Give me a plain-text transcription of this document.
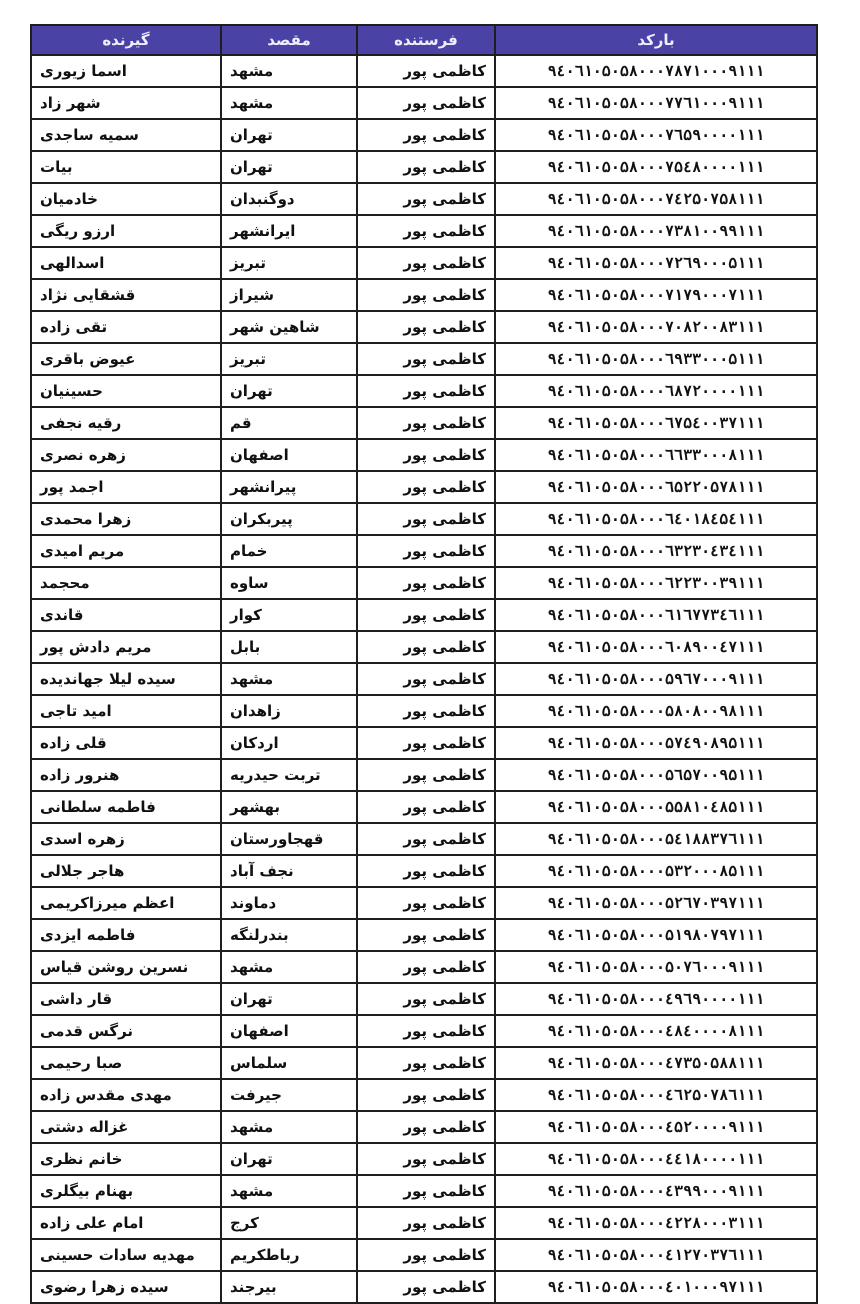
بارکد	فرستنده	مقصد	گیرنده
۹٤۰٦۱۰۵۰۵۸۰۰۰۷۸۷۱۰۰۰۹۱۱۱	کاظمی پور	مشهد	اسما زیوری
۹٤۰٦۱۰۵۰۵۸۰۰۰۷۷٦۱۰۰۰۹۱۱۱	کاظمی پور	مشهد	شهر زاد
۹٤۰٦۱۰۵۰۵۸۰۰۰۷٦۵۹۰۰۰۰۱۱۱	کاظمی پور	تهران	سمیه ساجدی
۹٤۰٦۱۰۵۰۵۸۰۰۰۷۵٤۸۰۰۰۰۱۱۱	کاظمی پور	تهران	بیات
۹٤۰٦۱۰۵۰۵۸۰۰۰۷٤۲۵۰۷۵۸۱۱۱	کاظمی پور	دوگنبدان	خادمیان
۹٤۰٦۱۰۵۰۵۸۰۰۰۷۳۸۱۰۰۹۹۱۱۱	کاظمی پور	ایرانشهر	ارزو ریگی
۹٤۰٦۱۰۵۰۵۸۰۰۰۷۲٦۹۰۰۰۵۱۱۱	کاظمی پور	تبریز	اسدالهی
۹٤۰٦۱۰۵۰۵۸۰۰۰۷۱۷۹۰۰۰۷۱۱۱	کاظمی پور	شیراز	قشقایی نژاد
۹٤۰٦۱۰۵۰۵۸۰۰۰۷۰۸۲۰۰۸۳۱۱۱	کاظمی پور	شاهین شهر	تقی زاده
۹٤۰٦۱۰۵۰۵۸۰۰۰٦۹۳۳۰۰۰۵۱۱۱	کاظمی پور	تبریز	عیوض باقری
۹٤۰٦۱۰۵۰۵۸۰۰۰٦۸۷۲۰۰۰۰۱۱۱	کاظمی پور	تهران	حسینیان
۹٤۰٦۱۰۵۰۵۸۰۰۰٦۷۵٤۰۰۳۷۱۱۱	کاظمی پور	قم	رقیه نجفی
۹٤۰٦۱۰۵۰۵۸۰۰۰٦٦۳۳۰۰۰۸۱۱۱	کاظمی پور	اصفهان	زهره نصری
۹٤۰٦۱۰۵۰۵۸۰۰۰٦۵۲۲۰۵۷۸۱۱۱	کاظمی پور	پیرانشهر	اجمد پور
۹٤۰٦۱۰۵۰۵۸۰۰۰٦٤۰۱۸٤۵٤۱۱۱	کاظمی پور	پیربکران	زهرا محمدی
۹٤۰٦۱۰۵۰۵۸۰۰۰٦۳۲۳۰٤۳٤۱۱۱	کاظمی پور	خمام	مریم امیدی
۹٤۰٦۱۰۵۰۵۸۰۰۰٦۲۲۳۰۰۳۹۱۱۱	کاظمی پور	ساوه	محجمد
۹٤۰٦۱۰۵۰۵۸۰۰۰٦۱٦۷۷۳٤٦۱۱۱	کاظمی پور	کوار	قاندی
۹٤۰٦۱۰۵۰۵۸۰۰۰٦۰۸۹۰۰٤۷۱۱۱	کاظمی پور	بابل	مریم دادش پور
۹٤۰٦۱۰۵۰۵۸۰۰۰۵۹٦۷۰۰۰۹۱۱۱	کاظمی پور	مشهد	سیده لیلا جهاندیده
۹٤۰٦۱۰۵۰۵۸۰۰۰۵۸۰۸۰۰۹۸۱۱۱	کاظمی پور	زاهدان	امید تاجی
۹٤۰٦۱۰۵۰۵۸۰۰۰۵۷٤۹۰۸۹۵۱۱۱	کاظمی پور	اردکان	قلی زاده
۹٤۰٦۱۰۵۰۵۸۰۰۰۵٦۵۷۰۰۹۵۱۱۱	کاظمی پور	تربت حیدریه	هنرور زاده
۹٤۰٦۱۰۵۰۵۸۰۰۰۵۵۸۱۰٤۸۵۱۱۱	کاظمی پور	بهشهر	فاطمه سلطانی
۹٤۰٦۱۰۵۰۵۸۰۰۰۵٤۱۸۸۳۷٦۱۱۱	کاظمی پور	قهجاورستان	زهره اسدی
۹٤۰٦۱۰۵۰۵۸۰۰۰۵۳۲۰۰۰۸۵۱۱۱	کاظمی پور	نجف آباد	هاجر جلالی
۹٤۰٦۱۰۵۰۵۸۰۰۰۵۲٦۷۰۳۹۷۱۱۱	کاظمی پور	دماوند	اعظم میرزاکریمی
۹٤۰٦۱۰۵۰۵۸۰۰۰۵۱۹۸۰۷۹۷۱۱۱	کاظمی پور	بندرلنگه	فاطمه ایزدی
۹٤۰٦۱۰۵۰۵۸۰۰۰۵۰۷٦۰۰۰۹۱۱۱	کاظمی پور	مشهد	نسرین روشن قیاس
۹٤۰٦۱۰۵۰۵۸۰۰۰٤۹٦۹۰۰۰۰۱۱۱	کاظمی پور	تهران	قار داشی
۹٤۰٦۱۰۵۰۵۸۰۰۰٤۸٤۰۰۰۰۸۱۱۱	کاظمی پور	اصفهان	نرگس قدمی
۹٤۰٦۱۰۵۰۵۸۰۰۰٤۷۳۵۰۵۸۸۱۱۱	کاظمی پور	سلماس	صبا رحیمی
۹٤۰٦۱۰۵۰۵۸۰۰۰٤٦۲۵۰۷۸٦۱۱۱	کاظمی پور	جیرفت	مهدی مقدس زاده
۹٤۰٦۱۰۵۰۵۸۰۰۰٤۵۲۰۰۰۰۹۱۱۱	کاظمی پور	مشهد	غزاله دشتی
۹٤۰٦۱۰۵۰۵۸۰۰۰٤٤۱۸۰۰۰۰۱۱۱	کاظمی پور	تهران	خانم نظری
۹٤۰٦۱۰۵۰۵۸۰۰۰٤۳۹۹۰۰۰۹۱۱۱	کاظمی پور	مشهد	بهنام بیگلری
۹٤۰٦۱۰۵۰۵۸۰۰۰٤۲۲۸۰۰۰۳۱۱۱	کاظمی پور	کرج	امام علی زاده
۹٤۰٦۱۰۵۰۵۸۰۰۰٤۱۲۷۰۳۷٦۱۱۱	کاظمی پور	رباطکریم	مهدیه سادات حسینی
۹٤۰٦۱۰۵۰۵۸۰۰۰٤۰۱۰۰۰۹۷۱۱۱	کاظمی پور	بیرجند	سیده زهرا رضوی
